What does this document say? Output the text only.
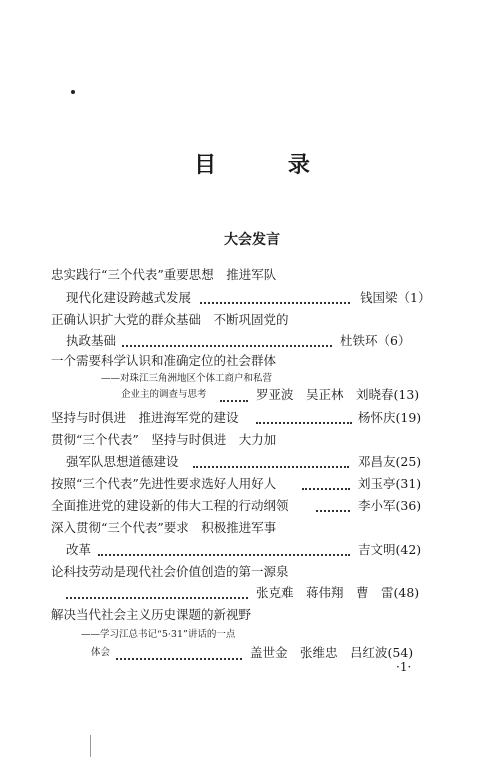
目 录
大会发言
忠实践行“三个代表”重要思想　推进军队
现代化建设跨越式发展	钱国梁（1）
正确认识扩大党的群众基础　不断巩固党的
执政基础	杜铁环（6）
一个需要科学认识和准确定位的社会群体
——对珠江三角洲地区个体工商户和私营
企业主的调查与思考	罗亚波　吴正林　刘晓春(13)
坚持与时俱进　推进海军党的建设	杨怀庆(19)
贯彻“三个代表”　坚持与时俱进　大力加
强军队思想道德建设	邓昌友(25)
按照“三个代表”先进性要求选好人用好人	刘玉亭(31)
全面推进党的建设新的伟大工程的行动纲领	李小军(36)
深入贯彻“三个代表”要求　积极推进军事
改革	吉文明(42)
论科技劳动是现代社会价值创造的第一源泉
张克难　蒋伟翔　曹　雷(48)
解决当代社会主义历史课题的新视野
——学习江总书记“5·31”讲话的一点
体会	盖世金　张维忠　吕红波(54)
·1·
